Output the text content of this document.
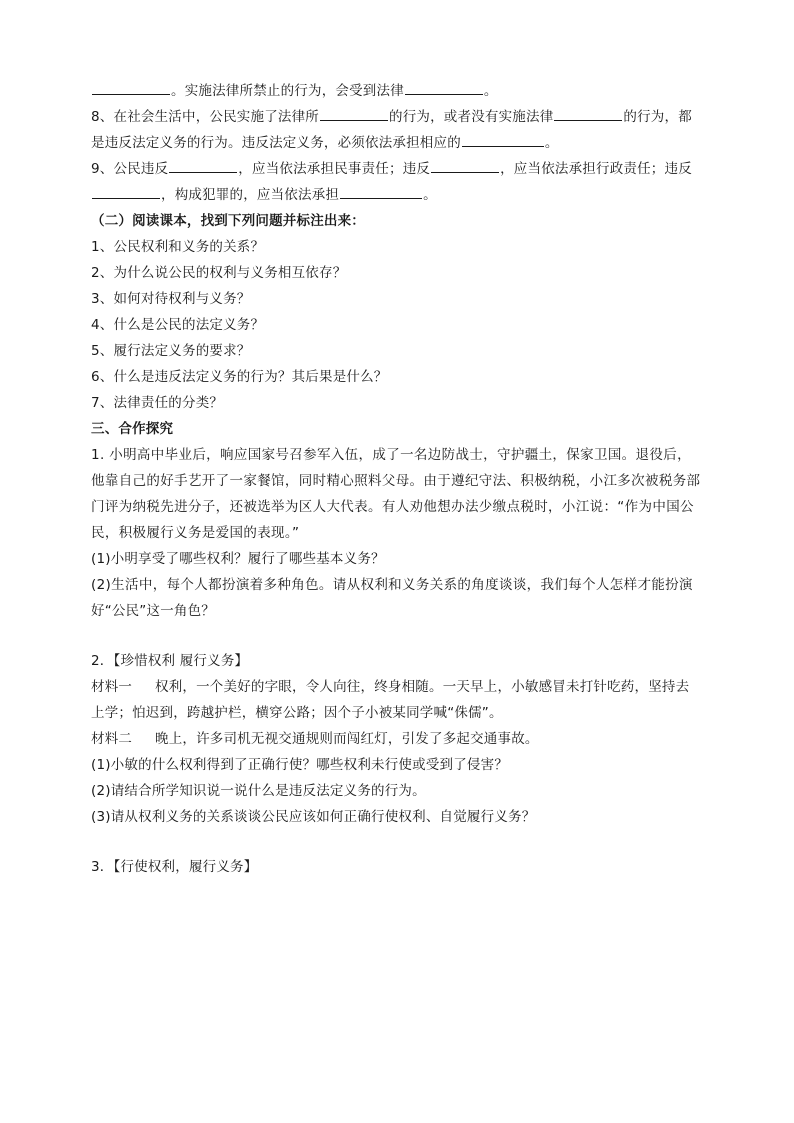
。实施法律所禁止的行为，会受到法律	。
8、在社会生活中，公民实施了法律所	的行为，或者没有实施法律	的行为，都
是违反法定义务的行为。违反法定义务，必须依法承担相应的	。
9、公民违反	，应当依法承担民事责任；违反	，应当依法承担行政责任；违反
，构成犯罪的，应当依法承担	。
（二）阅读课本，找到下列问题并标注出来：
1、公民权利和义务的关系？
2、为什么说公民的权利与义务相互依存？
3、如何对待权利与义务？
4、什么是公民的法定义务？
5、履行法定义务的要求？
6、什么是违反法定义务的行为？其后果是什么？
7、法律责任的分类？
三、合作探究
1. 小明高中毕业后，响应国家号召参军入伍，成了一名边防战士，守护疆土，保家卫国。退役后，
他靠自己的好手艺开了一家餐馆，同时精心照料父母。由于遵纪守法、积极纳税，小江多次被税务部
门评为纳税先进分子，还被选举为区人大代表。有人劝他想办法少缴点税时，小江说：“作为中国公
民，积极履行义务是爱国的表现。”
(1)小明享受了哪些权利？履行了哪些基本义务？
(2)生活中，每个人都扮演着多种角色。请从权利和义务关系的角度谈谈，我们每个人怎样才能扮演
好“公民”这一角色？
2．【珍惜权利 履行义务】
材料一 权利，一个美好的字眼，令人向往，终身相随。一天早上，小敏感冒未打针吃药，坚持去
上学；怕迟到，跨越护栏，横穿公路；因个子小被某同学喊“侏儒”。
材料二 晚上，许多司机无视交通规则而闯红灯，引发了多起交通事故。
(1)小敏的什么权利得到了正确行使？哪些权利未行使或受到了侵害？
(2)请结合所学知识说一说什么是违反法定义务的行为。
(3)请从权利义务的关系谈谈公民应该如何正确行使权利、自觉履行义务？
3．【行使权利，履行义务】
